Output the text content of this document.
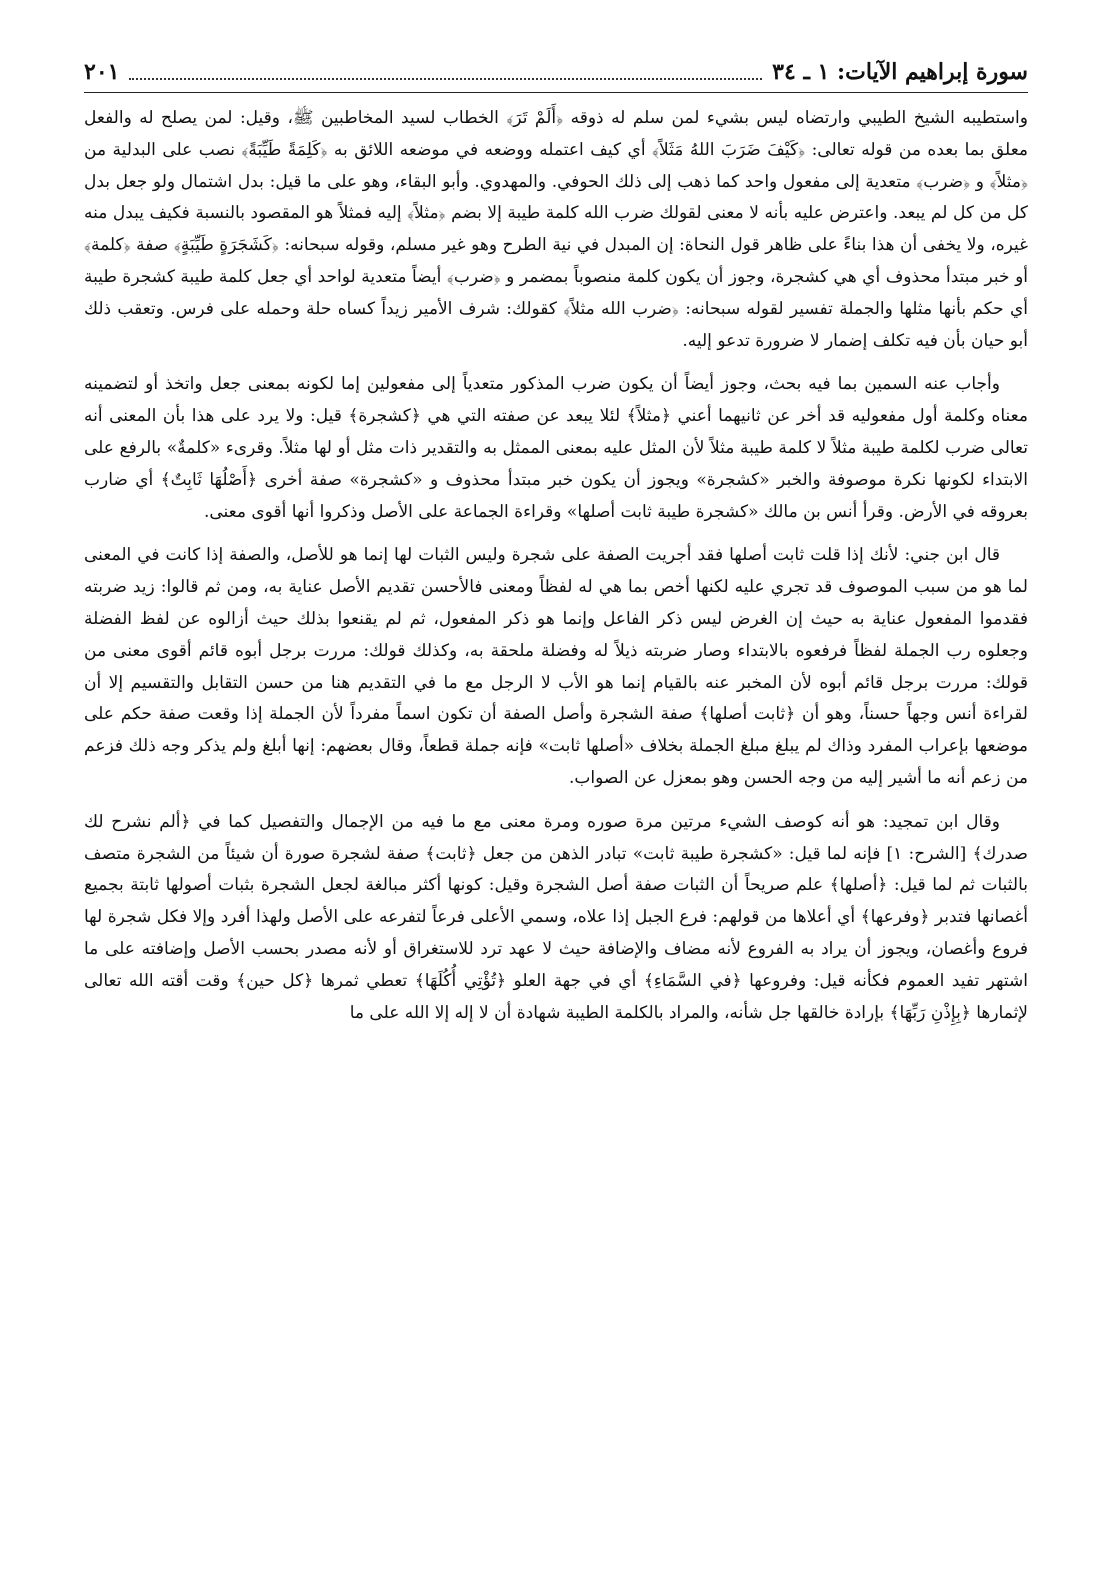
سورة إبراهيم الآيات: ١ ـ ٣٤
٢٠١

واستطيبه الشيخ الطيبي وارتضاه ليس بشيء لمن سلم له ذوقه ﴿أَلَمْ تَرَ﴾ الخطاب لسيد المخاطبين ﷺ، وقيل: لمن يصلح له والفعل معلق بما بعده من قوله تعالى: ﴿كَيْفَ ضَرَبَ اللهُ مَثَلاً﴾ أي كيف اعتمله ووضعه في موضعه اللائق به ﴿كَلِمَةً طَيِّبَةً﴾ نصب على البدلية من ﴿مثلاً﴾ و ﴿ضرب﴾ متعدية إلى مفعول واحد كما ذهب إلى ذلك الحوفي. والمهدوي. وأبو البقاء، وهو على ما قيل: بدل اشتمال ولو جعل بدل كل من كل لم يبعد. واعترض عليه بأنه لا معنى لقولك ضرب الله كلمة طيبة إلا بضم ﴿مثلاً﴾ إليه فمثلاً هو المقصود بالنسبة فكيف يبدل منه غيره، ولا يخفى أن هذا بناءً على ظاهر قول النحاة: إن المبدل في نية الطرح وهو غير مسلم، وقوله سبحانه: ﴿كَشَجَرَةٍ طَيِّبَةٍ﴾ صفة ﴿كلمة﴾ أو خبر مبتدأ محذوف أي هي كشجرة، وجوز أن يكون كلمة منصوباً بمضمر و ﴿ضرب﴾ أيضاً متعدية لواحد أي جعل كلمة طيبة كشجرة طيبة أي حكم بأنها مثلها والجملة تفسير لقوله سبحانه: ﴿ضرب الله مثلاً﴾ كقولك: شرف الأمير زيداً كساه حلة وحمله على فرس. وتعقب ذلك أبو حيان بأن فيه تكلف إضمار لا ضرورة تدعو إليه.

وأجاب عنه السمين بما فيه بحث، وجوز أيضاً أن يكون ضرب المذكور متعدياً إلى مفعولين إما لكونه بمعنى جعل واتخذ أو لتضمينه معناه وكلمة أول مفعوليه قد أخر عن ثانيهما أعني ﴿مثلاً﴾ لئلا يبعد عن صفته التي هي ﴿كشجرة﴾ قيل: ولا يرد على هذا بأن المعنى أنه تعالى ضرب لكلمة طيبة مثلاً لا كلمة طيبة مثلاً لأن المثل عليه بمعنى الممثل به والتقدير ذات مثل أو لها مثلاً. وقرىء «كلمةٌ» بالرفع على الابتداء لكونها نكرة موصوفة والخبر «كشجرة» ويجوز أن يكون خبر مبتدأ محذوف و «كشجرة» صفة أخرى ﴿أَصْلُهَا ثَابِتٌ﴾ أي ضارب بعروقه في الأرض. وقرأ أنس بن مالك «كشجرة طيبة ثابت أصلها» وقراءة الجماعة على الأصل وذكروا أنها أقوى معنى.

قال ابن جني: لأنك إذا قلت ثابت أصلها فقد أجريت الصفة على شجرة وليس الثبات لها إنما هو للأصل، والصفة إذا كانت في المعنى لما هو من سبب الموصوف قد تجري عليه لكنها أخص بما هي له لفظاً ومعنى فالأحسن تقديم الأصل عناية به، ومن ثم قالوا: زيد ضربته فقدموا المفعول عناية به حيث إن الغرض ليس ذكر الفاعل وإنما هو ذكر المفعول، ثم لم يقنعوا بذلك حيث أزالوه عن لفظ الفضلة وجعلوه رب الجملة لفظاً فرفعوه بالابتداء وصار ضربته ذيلاً له وفضلة ملحقة به، وكذلك قولك: مررت برجل أبوه قائم أقوى معنى من قولك: مررت برجل قائم أبوه لأن المخبر عنه بالقيام إنما هو الأب لا الرجل مع ما في التقديم هنا من حسن التقابل والتقسيم إلا أن لقراءة أنس وجهاً حسناً، وهو أن ﴿ثابت أصلها﴾ صفة الشجرة وأصل الصفة أن تكون اسماً مفرداً لأن الجملة إذا وقعت صفة حكم على موضعها بإعراب المفرد وذاك لم يبلغ مبلغ الجملة بخلاف «أصلها ثابت» فإنه جملة قطعاً، وقال بعضهم: إنها أبلغ ولم يذكر وجه ذلك فزعم من زعم أنه ما أشير إليه من وجه الحسن وهو بمعزل عن الصواب.

وقال ابن تمجيد: هو أنه كوصف الشيء مرتين مرة صوره ومرة معنى مع ما فيه من الإجمال والتفصيل كما في ﴿ألم نشرح لك صدرك﴾ [الشرح: ١] فإنه لما قيل: «كشجرة طيبة ثابت» تبادر الذهن من جعل ﴿ثابت﴾ صفة لشجرة صورة أن شيئاً من الشجرة متصف بالثبات ثم لما قيل: ﴿أصلها﴾ علم صريحاً أن الثبات صفة أصل الشجرة وقيل: كونها أكثر مبالغة لجعل الشجرة بثبات أصولها ثابتة بجميع أغصانها فتدبر ﴿وفرعها﴾ أي أعلاها من قولهم: فرع الجبل إذا علاه، وسمي الأعلى فرعاً لتفرعه على الأصل ولهذا أفرد وإلا فكل شجرة لها فروع وأغصان، ويجوز أن يراد به الفروع لأنه مضاف والإضافة حيث لا عهد ترد للاستغراق أو لأنه مصدر بحسب الأصل وإضافته على ما اشتهر تفيد العموم فكأنه قيل: وفروعها ﴿في السَّمَاءِ﴾ أي في جهة العلو ﴿تُؤْتِي أُكُلَهَا﴾ تعطي ثمرها ﴿كل حين﴾ وقت أقته الله تعالى لإثمارها ﴿بِإِذْنِ رَبِّهَا﴾ بإرادة خالقها جل شأنه، والمراد بالكلمة الطيبة شهادة أن لا إله إلا الله على ما
